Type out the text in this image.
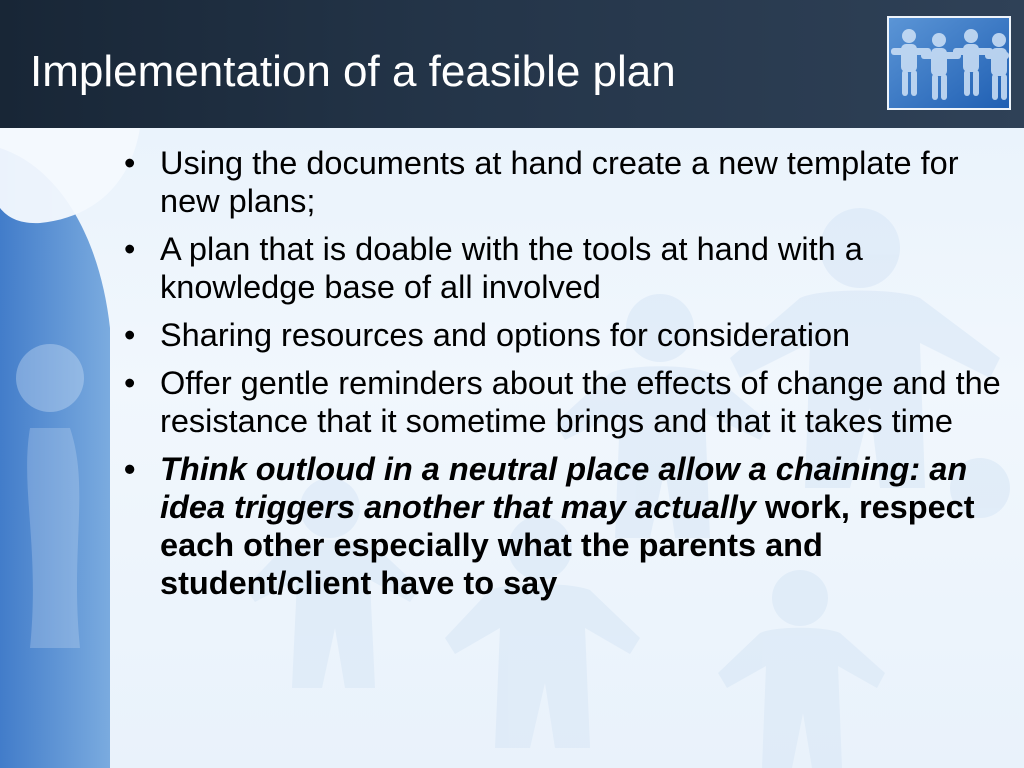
Implementation of a feasible plan
• Using the documents at hand create a new template for new plans;
• A plan that is doable with the tools at hand with a knowledge base of all involved
• Sharing resources and options for consideration
• Offer gentle reminders about the effects of change and the resistance that it sometime brings and that it takes time
• Think outloud in a neutral place allow a chaining: an idea triggers another that may actually work, respect each other especially what the parents and student/client have to say
